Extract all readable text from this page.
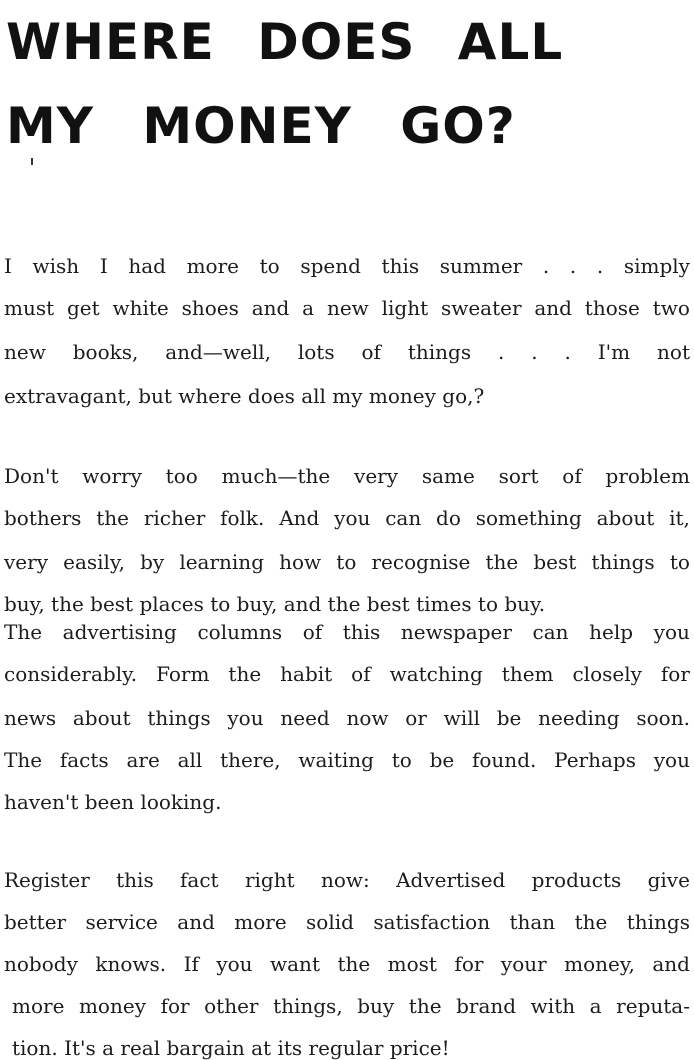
WHERE DOES ALL
MY MONEY GO?
I wish I had more to spend this summer . . . simply
must get white shoes and a new light sweater and those two
new books, and—well, lots of things . . . I'm not
extravagant, but where does all my money go,?
Don't worry too much—the very same sort of problem
bothers the richer folk. And you can do something about it,
very easily, by learning how to recognise the best things to
buy, the best places to buy, and the best times to buy.
The advertising columns of this newspaper can help you
considerably. Form the habit of watching them closely for
news about things you need now or will be needing soon.
The facts are all there, waiting to be found. Perhaps you
haven't been looking.
Register this fact right now: Advertised products give
better service and more solid satisfaction than the things
nobody knows. If you want the most for your money, and
more money for other things, buy the brand with a reputa-
tion. It's a real bargain at its regular price!
